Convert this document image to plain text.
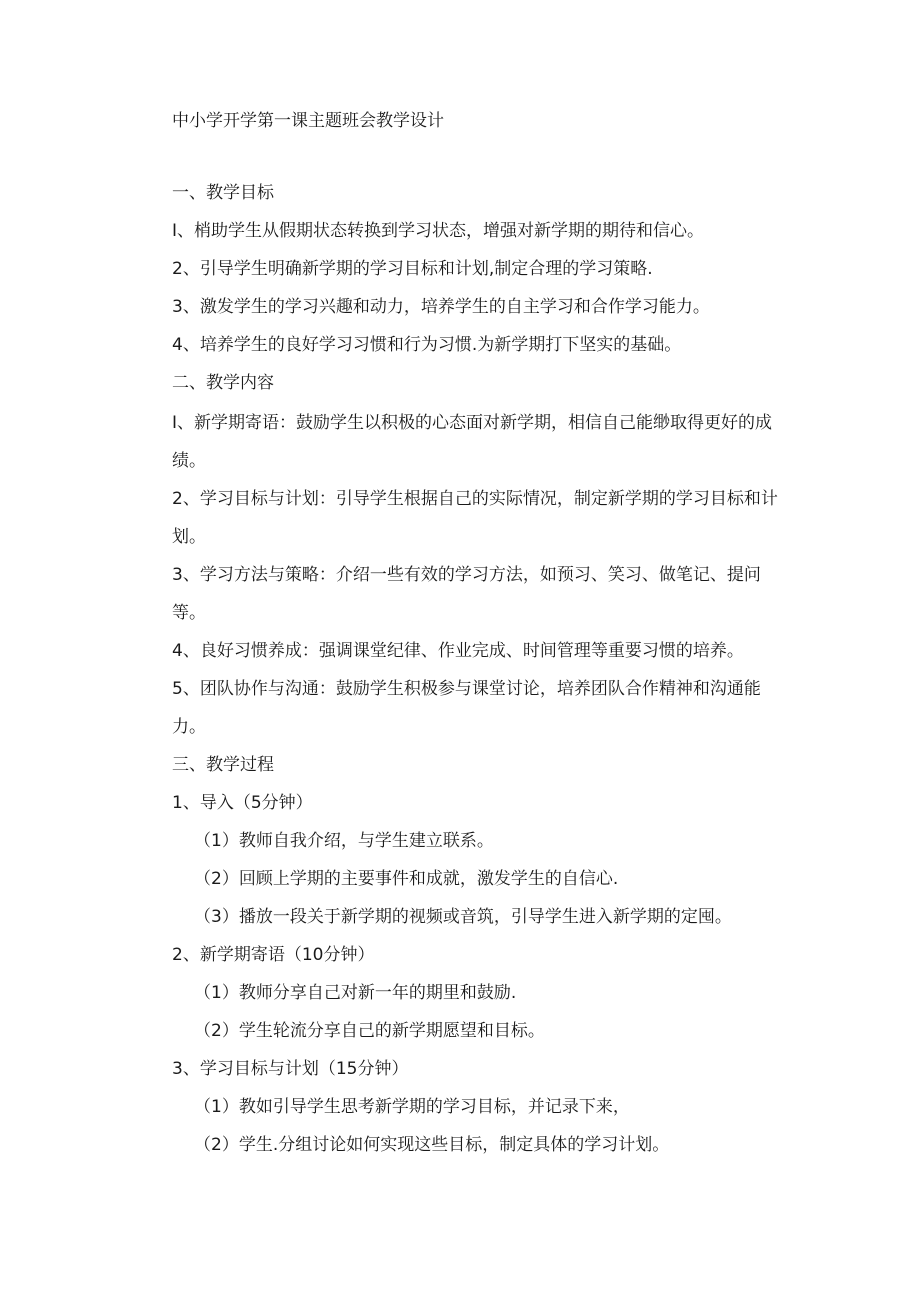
中小学开学第一课主题班会教学设计
一、教学目标
I、梢助学生从假期状态转换到学习状态，增强对新学期的期待和信心。
2、引导学生明确新学期的学习目标和计划,制定合理的学习策略.
3、激发学生的学习兴趣和动力，培养学生的自主学习和合作学习能力。
4、培养学生的良好学习习惯和行为习惯.为新学期打下坚实的基础。
二、教学内容
I、新学期寄语：鼓励学生以积极的心态面对新学期，相信自己能缈取得更好的成绩。
2、学习目标与计划：引导学生根据自己的实际情况，制定新学期的学习目标和计划。
3、学习方法与策略：介绍一些有效的学习方法，如预习、笑习、做笔记、提问等。
4、良好习惯养成：强调课堂纪律、作业完成、时间管理等重要习惯的培养。
5、团队协作与沟通：鼓励学生积极参与课堂讨论，培养团队合作精神和沟通能力。
三、教学过程
1、导入（5分钟）
（1）教师自我介绍，与学生建立联系。
（2）回顾上学期的主要事件和成就，激发学生的自信心.
（3）播放一段关于新学期的视频或音筑，引导学生进入新学期的定囤。
2、新学期寄语（10分钟）
（1）教师分享自己对新一年的期里和鼓励.
（2）学生轮流分享自己的新学期愿望和目标。
3、学习目标与计划（15分钟）
（1）教如引导学生思考新学期的学习目标，并记录下来，
（2）学生.分组讨论如何实现这些目标，制定具体的学习计划。
